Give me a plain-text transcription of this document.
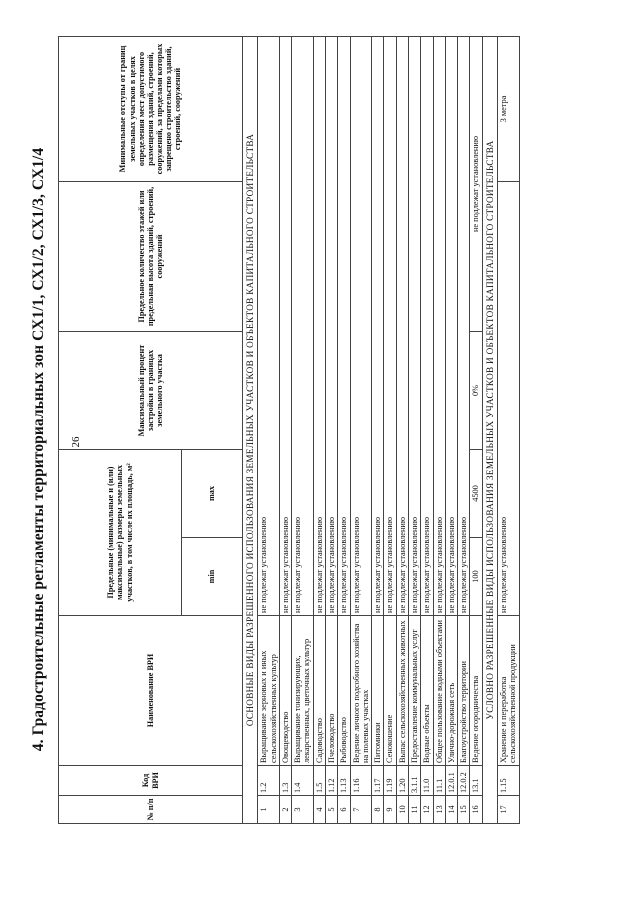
26
4. Градостроительные регламенты территориальных зон СХ1/1, СХ1/2, СХ1/3, СХ1/4
№ п/п	Код ВРИ	Наименование ВРИ	Предельные (минимальные и (или) максимальные) размеры земельных участков, в том числе их площадь, м²		Максимальный процент застройки в границах земельного участка	Предельное количество этажей или предельная высота зданий, строений, сооружений	Минимальные отступы от границ земельных участков в целях определения мест допустимого размещения зданий, строений, сооружений, за пределами которых запрещено строительство зданий, строений, сооружений
			min	max			
ОСНОВНЫЕ ВИДЫ РАЗРЕШЕННОГО ИСПОЛЬЗОВАНИЯ ЗЕМЕЛЬНЫХ УЧАСТКОВ И ОБЪЕКТОВ КАПИТАЛЬНОГО СТРОИТЕЛЬСТВА							
1	1.2	Выращивание зерновых и иных сельскохозяйственных культур	не подлежат установлению				
2	1.3	Овощеводство	не подлежат установлению				
3	1.4	Выращивание тонизирующих, лекарственных, цветочных культур	не подлежат установлению				
4	1.5	Садоводство	не подлежат установлению				
5	1.12	Пчеловодство	не подлежат установлению				
6	1.13	Рыбоводство	не подлежат установлению				
7	1.16	Ведение личного подсобного хозяйства на полевых участках	не подлежат установлению				
8	1.17	Питомники	не подлежат установлению				
9	1.19	Сенокошение	не подлежат установлению				
10	1.20	Выпас сельскохозяйственных животных	не подлежат установлению				
11	3.1.1	Предоставление коммунальных услуг	не подлежат установлению				
12	11.0	Водные объекты	не подлежат установлению				
13	11.1	Общее пользование водными объектами	не подлежат установлению				
14	12.0.1	Улично-дорожная сеть	не подлежат установлению				
15	12.0.2	Благоустройство территории	не подлежат установлению				
16	13.1	Ведение огородничества	100	4500	0%	не подлежат установлению	
УСЛОВНО РАЗРЕШЕННЫЕ ВИДЫ ИСПОЛЬЗОВАНИЯ ЗЕМЕЛЬНЫХ УЧАСТКОВ И ОБЪЕКТОВ КАПИТАЛЬНОГО СТРОИТЕЛЬСТВА							
17	1.15	Хранение и переработка сельскохозяйственной продукции	не подлежат установлению				3 метра
